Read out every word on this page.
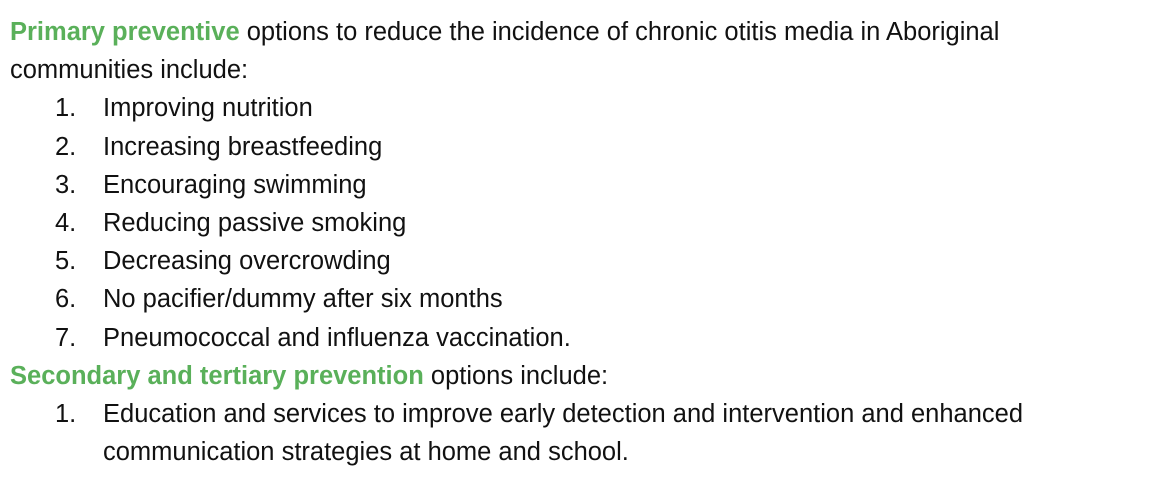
Primary preventive options to reduce the incidence of chronic otitis media in Aboriginal
communities include:

1. Improving nutrition
2. Increasing breastfeeding
3. Encouraging swimming
4. Reducing passive smoking
5. Decreasing overcrowding
6. No pacifier/dummy after six months
7. Pneumococcal and influenza vaccination.

Secondary and tertiary prevention options include:

1. Education and services to improve early detection and intervention and enhanced
communication strategies at home and school.
